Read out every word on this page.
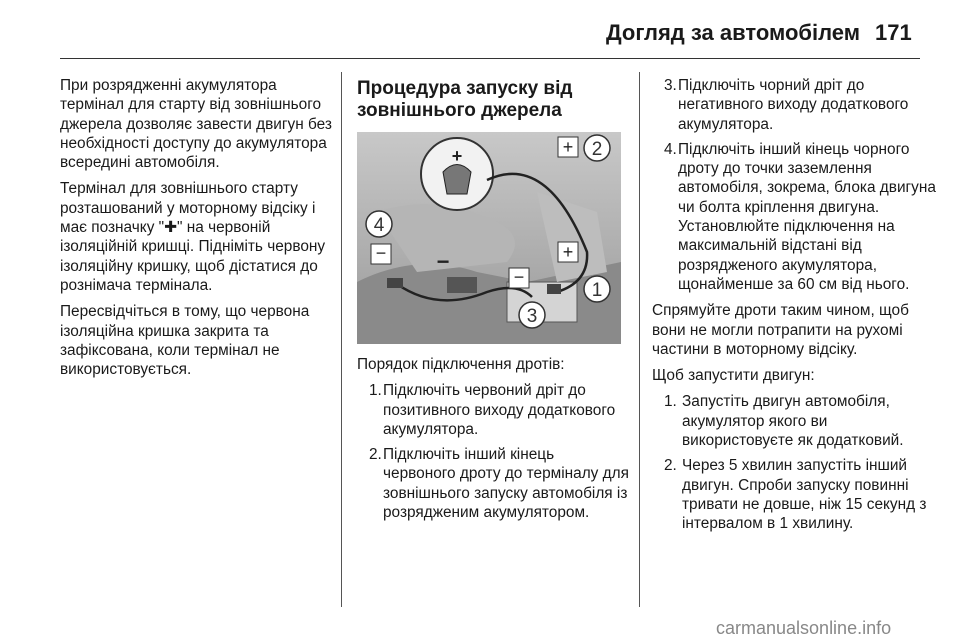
Догляд за автомобілем 171

При розрядженні акумулятора термінал для старту від зовнішнього джерела дозволяє завести двигун без необхідності доступу до акумулятора всередині автомобіля.

Термінал для зовнішнього старту розташований у моторному відсіку і має позначку "✚" на червоній ізоляційній кришці. Підніміть червону ізоляційну кришку, щоб дістатися до рознімача термінала.

Пересвідчіться в тому, що червона ізоляційна кришка закрита та зафіксована, коли термінал не використовується.

Процедура запуску від зовнішнього джерела
+	+
+
−
−
−
2
1
3
4

Порядок підключення дротів:

1. Підключіть червоний дріт до позитивного виходу додаткового акумулятора.
2. Підключіть інший кінець червоного дроту до терміналу для зовнішнього запуску автомобіля із розрядженим акумулятором.
3. Підключіть чорний дріт до негативного виходу додаткового акумулятора.
4. Підключіть інший кінець чорного дроту до точки заземлення автомобіля, зокрема, блока двигуна чи болта кріплення двигуна. Установлюйте підключення на максимальній відстані від розрядженого акумулятора, щонайменше за 60 см від нього.

Спрямуйте дроти таким чином, щоб вони не могли потрапити на рухомі частини в моторному відсіку.

Щоб запустити двигун:

1. Запустіть двигун автомобіля, акумулятор якого ви використовуєте як додатковий.
2. Через 5 хвилин запустіть інший двигун. Спроби запуску повинні тривати не довше, ніж 15 секунд з інтервалом в 1 хвилину.
carmanualsonline.info
